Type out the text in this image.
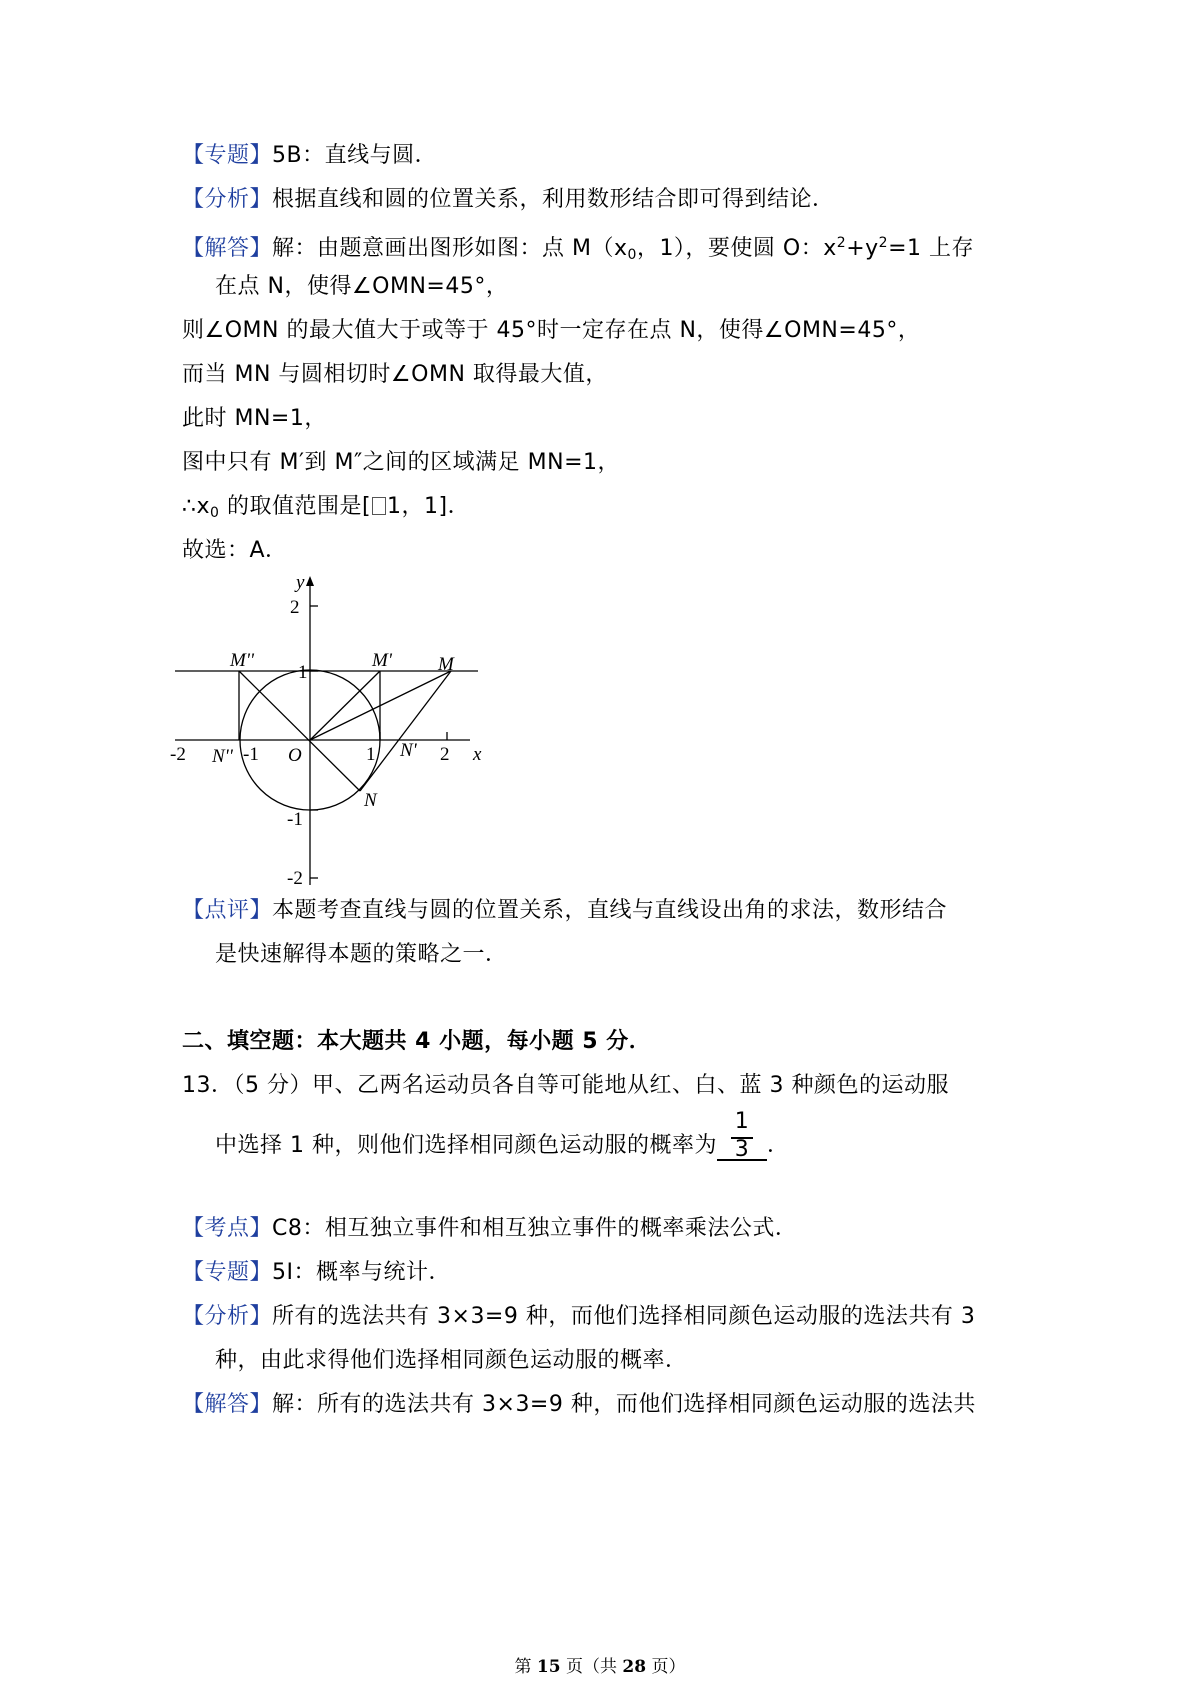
【专题】5B：直线与圆．
【分析】根据直线和圆的位置关系，利用数形结合即可得到结论．
【解答】解：由题意画出图形如图：点 $M(x_0$，1），要使圆 O：$x^2+y^2=1$ 上存
在点 N，使得∠OMN=45°，
则∠OMN 的最大值大于或等于 45°时一定存在点 N，使得∠OMN=45°，
而当 MN 与圆相切时∠OMN 取得最大值，
此时 MN=1，
图中只有 M′到 M″之间的区域满足 MN=1，
$\therefore x_0$ 的取值范围是[ 1，1]．
故选：A．
y
x
O
2
1
-1
-2
-2	-1	1	2
M''	M' M
N''	N'
N
【点评】本题考查直线与圆的位置关系，直线与直线设出角的求法，数形结合
是快速解得本题的策略之一．
二、填空题：本大题共 4 小题，每小题 5 分．
13．（5 分）甲、乙两名运动员各自等可能地从红、白、蓝 3 种颜色的运动服
中选择 1 种，则他们选择相同颜色运动服的概率为 $\frac{1}{3}$ ．
【考点】C8：相互独立事件和相互独立事件的概率乘法公式．
【专题】5I：概率与统计．
【分析】所有的选法共有 3×3=9 种，而他们选择相同颜色运动服的选法共有 3
种，由此求得他们选择相同颜色运动服的概率．
【解答】解：所有的选法共有 3×3=9 种，而他们选择相同颜色运动服的选法共
第 15 页（共 28 页）
